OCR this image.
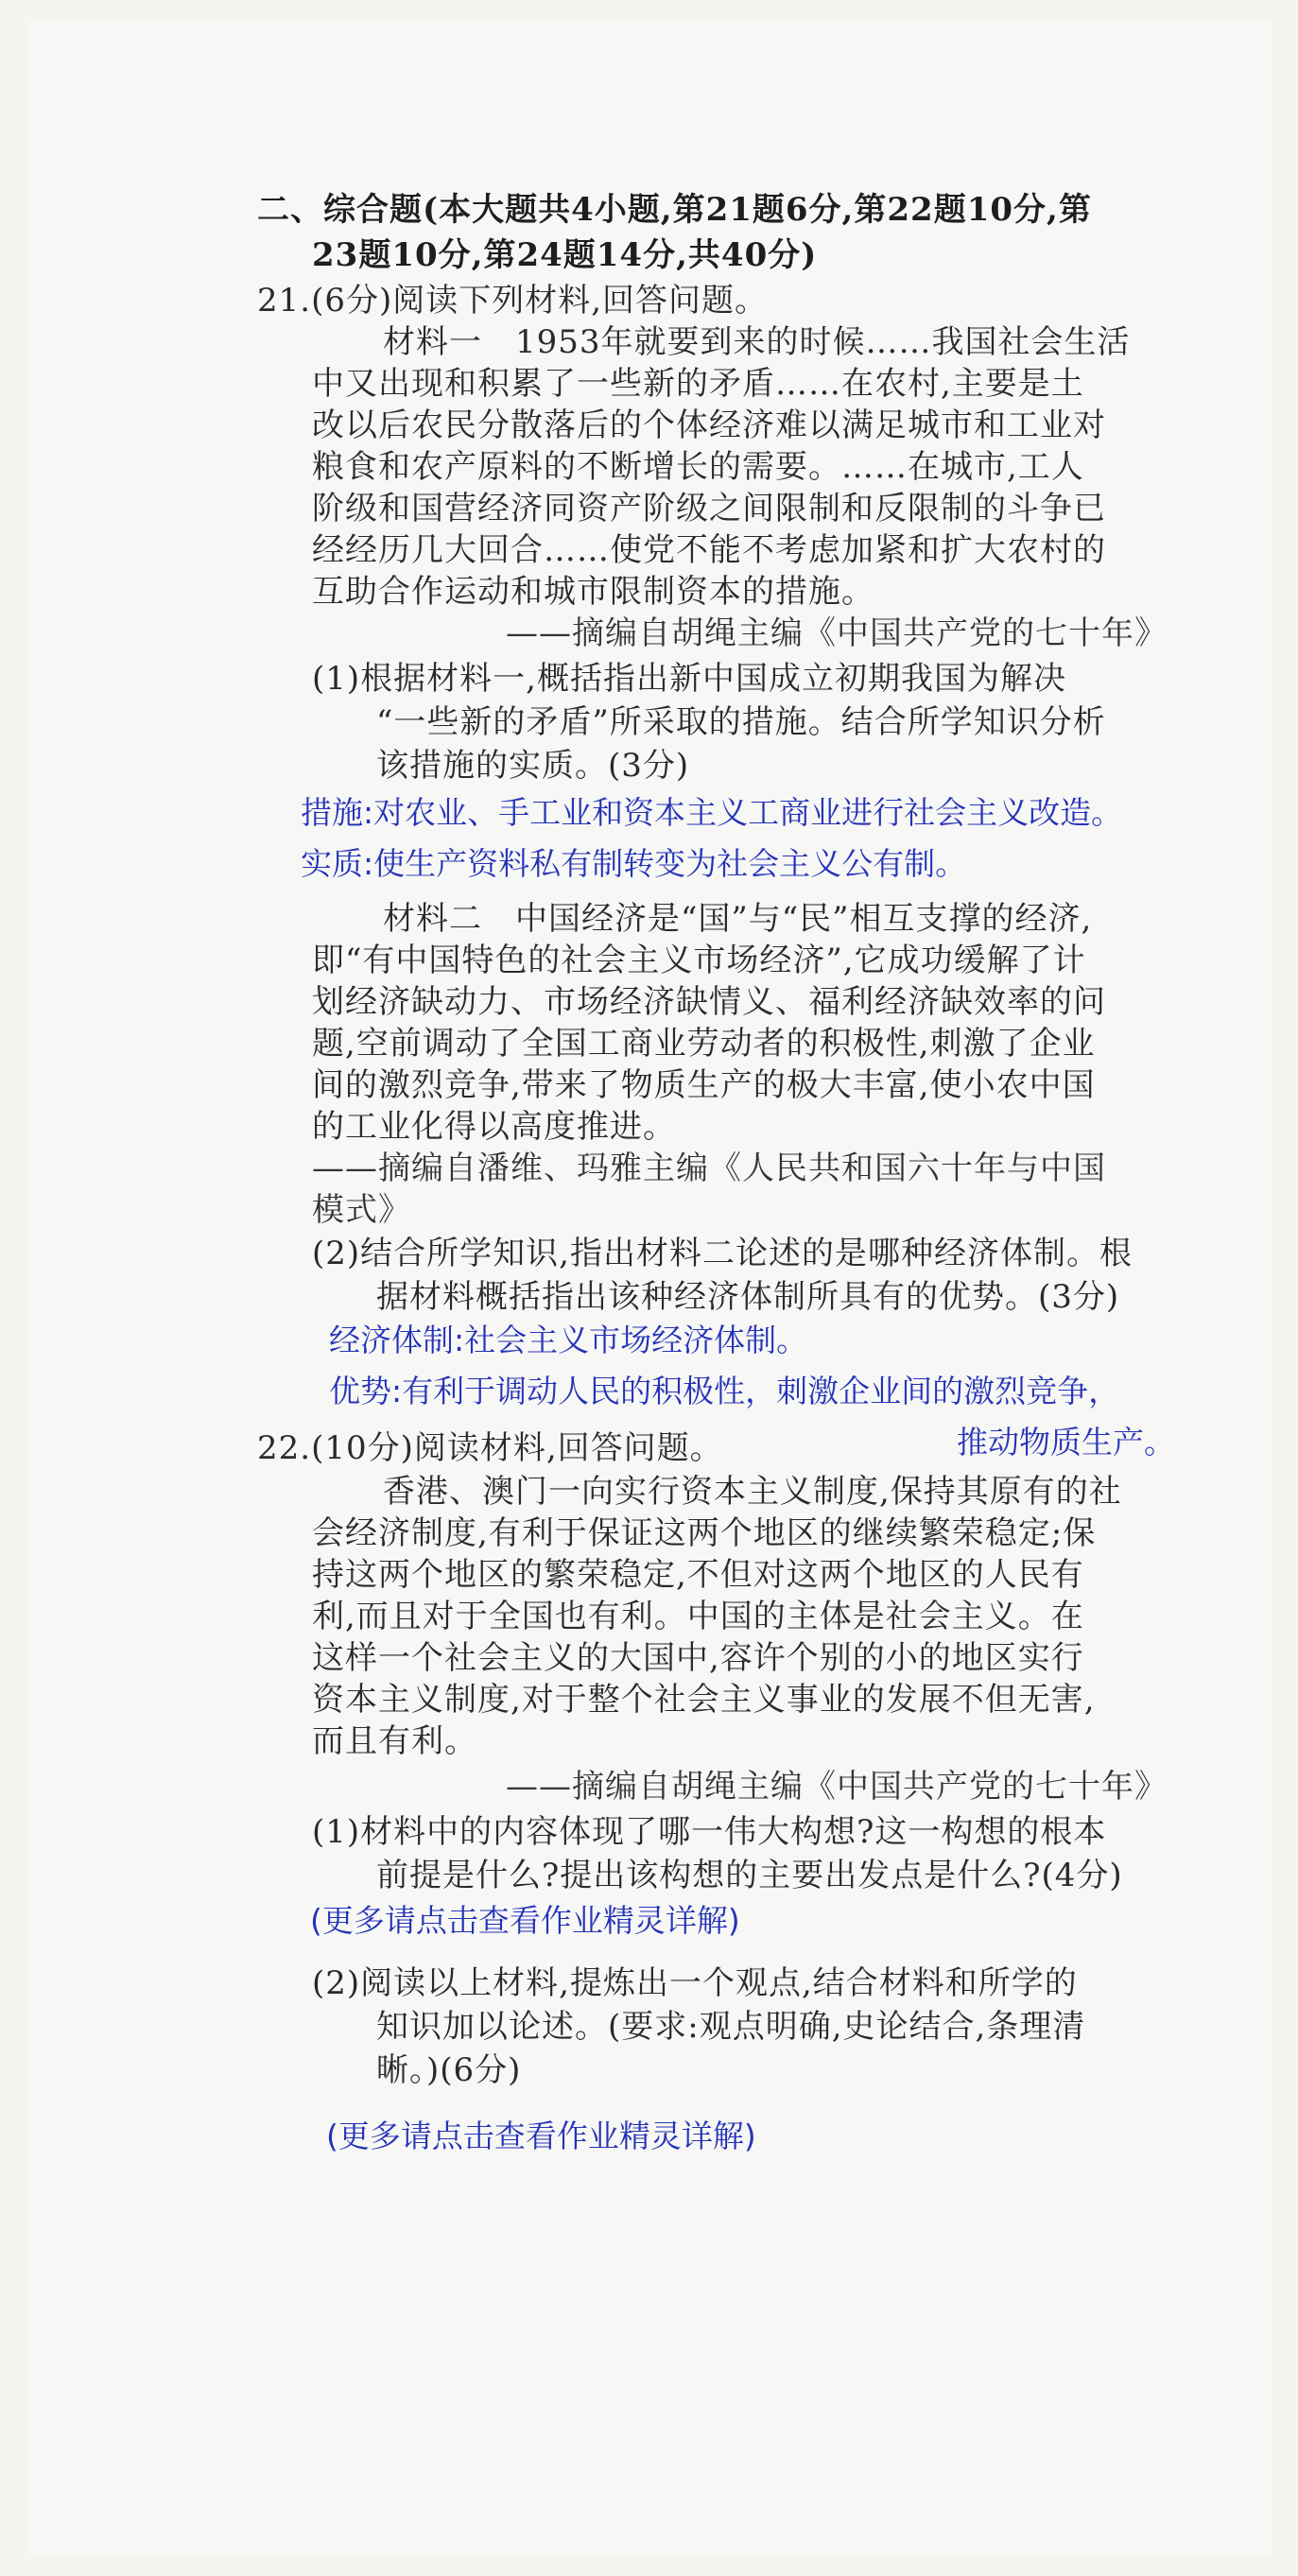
二、综合题(本大题共4小题,第21题6分,第22题10分,第
23题10分,第24题14分,共40分)
21.(6分)阅读下列材料,回答问题。
材料一　1953年就要到来的时候……我国社会生活
中又出现和积累了一些新的矛盾……在农村,主要是土
改以后农民分散落后的个体经济难以满足城市和工业对
粮食和农产原料的不断增长的需要。……在城市,工人
阶级和国营经济同资产阶级之间限制和反限制的斗争已
经经历几大回合……使党不能不考虑加紧和扩大农村的
互助合作运动和城市限制资本的措施。
——摘编自胡绳主编《中国共产党的七十年》
(1)根据材料一,概括指出新中国成立初期我国为解决
“一些新的矛盾”所采取的措施。结合所学知识分析
该措施的实质。(3分)
措施:对农业、手工业和资本主义工商业进行社会主义改造。
实质:使生产资料私有制转变为社会主义公有制。
材料二　中国经济是“国”与“民”相互支撑的经济,
即“有中国特色的社会主义市场经济”,它成功缓解了计
划经济缺动力、市场经济缺情义、福利经济缺效率的问
题,空前调动了全国工商业劳动者的积极性,刺激了企业
间的激烈竞争,带来了物质生产的极大丰富,使小农中国
的工业化得以高度推进。
——摘编自潘维、玛雅主编《人民共和国六十年与中国
模式》
(2)结合所学知识,指出材料二论述的是哪种经济体制。根
据材料概括指出该种经济体制所具有的优势。(3分)
经济体制:社会主义市场经济体制。
优势:有利于调动人民的积极性，刺激企业间的激烈竞争，
推动物质生产。
22.(10分)阅读材料,回答问题。
香港、澳门一向实行资本主义制度,保持其原有的社
会经济制度,有利于保证这两个地区的继续繁荣稳定;保
持这两个地区的繁荣稳定,不但对这两个地区的人民有
利,而且对于全国也有利。中国的主体是社会主义。在
这样一个社会主义的大国中,容许个别的小的地区实行
资本主义制度,对于整个社会主义事业的发展不但无害,
而且有利。
——摘编自胡绳主编《中国共产党的七十年》
(1)材料中的内容体现了哪一伟大构想?这一构想的根本
前提是什么?提出该构想的主要出发点是什么?(4分)
(更多请点击查看作业精灵详解)
(2)阅读以上材料,提炼出一个观点,结合材料和所学的
知识加以论述。(要求:观点明确,史论结合,条理清
晰。)(6分)
(更多请点击查看作业精灵详解)
